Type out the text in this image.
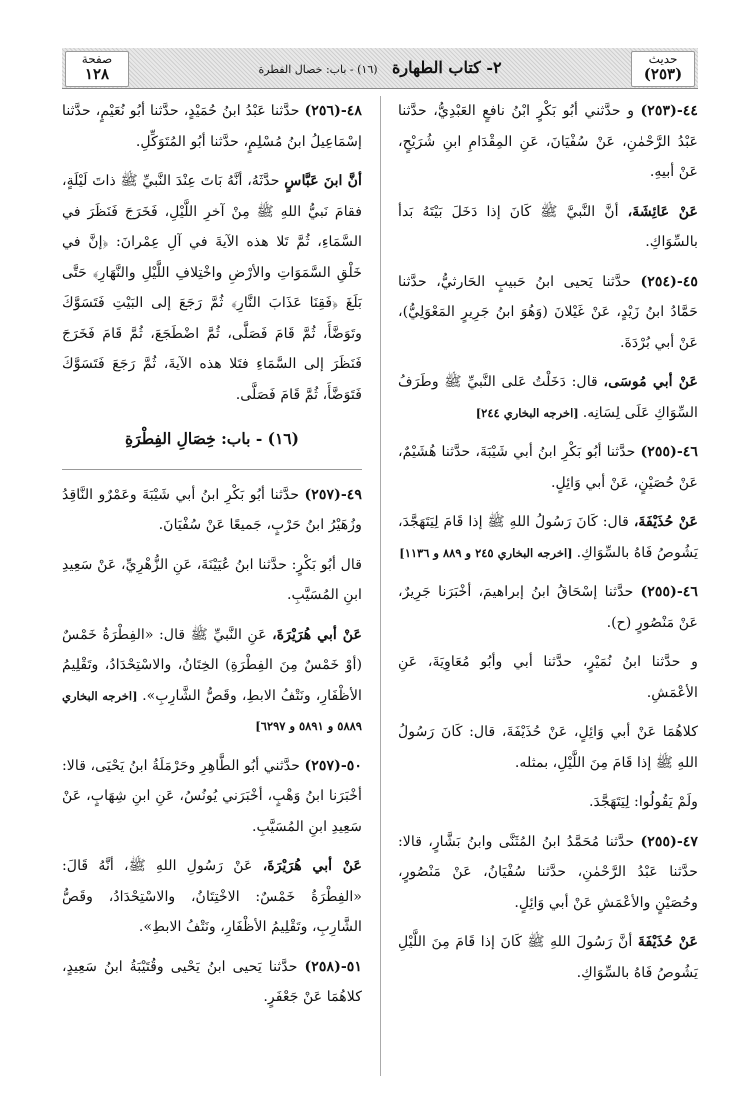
حديث
(٢٥٣)
٢- كتاب الطهارة (١٦) - باب: خصال الفطرة
صفحة
١٢٨

٤٤-(٢٥٣) و حدَّثني أبُو بَكْرٍ ابْنُ نافعٍ العَبْدِيُّ، حدَّثنا عَبْدُ الرَّحْمٰنِ، عَنْ سُفْيَانَ، عَنِ المِقْدَامِ ابنِ شُرَيْحٍ، عَنْ أبيهِ.

عَنْ عَائِشَةَ، أنَّ النَّبيَّ ﷺ كَانَ إذا دَخَلَ بَيْتَهُ بَدأ بالسِّوَاكِ.

٤٥-(٢٥٤) حدَّثنا يَحيى ابنُ حَبيبٍ الحَارثيُّ، حدَّثنا حَمَّادُ ابنُ زَيْدٍ، عَنْ غَيْلانَ (وَهُوَ ابنُ جَرِيرٍ المَعْوَلِيُّ)، عَنْ أبي بُرْدَةَ.

عَنْ أبي مُوسَى، قال: دَخَلْتُ عَلى النَّبيِّ ﷺ وطَرَفُ السِّوَاكِ عَلَى لِسَانِه. [اخرجه البخاري ٢٤٤]

٤٦-(٢٥٥) حدَّثنا أبُو بَكْرِ ابنُ أبي شَيْبَةَ، حدَّثنا هُشَيْمٌ، عَنْ حُصَيْنٍ، عَنْ أبي وَائِلٍ.

عَنْ حُذَيْفَةَ، قال: كَانَ رَسُولُ اللهِ ﷺ إذا قَامَ لِيَتَهَجَّدَ، يَشُوصُ فَاهُ بالسِّوَاكِ. [اخرجه البخاري ٢٤٥ و ٨٨٩ و ١١٣٦]

٤٦-(٢٥٥) حدَّثنا إسْحَاقُ ابنُ إبراهيمَ، أخْبَرَنا جَرِيرٌ، عَنْ مَنْصُورٍ (ح).

و حدَّثنا ابنُ نُمَيْرٍ، حدَّثنا أبي وأبُو مُعَاوِيَةَ، عَنِ الأعْمَشِ.

كلاهُمَا عَنْ أبي وَائِلٍ، عَنْ حُذَيْفَةَ، قال: كَانَ رَسُولُ اللهِ ﷺ إذا قَامَ مِنَ اللَّيْلِ، بمثله.

ولَمْ يَقُولُوا: لِيَتَهَجَّدَ.

٤٧-(٢٥٥) حدَّثنا مُحَمَّدُ ابنُ المُثَنَّى وابنُ بَشَّارٍ، قالا: حدَّثنا عَبْدُ الرَّحْمٰنِ، حدَّثنا سُفْيَانُ، عَنْ مَنْصُورٍ، وحُصَيْنٍ والأعْمَشِ عَنْ أبي وَائِلٍ.

عَنْ حُذَيْفَةَ أنَّ رَسُولَ اللهِ ﷺ كَانَ إذا قَامَ مِنَ اللَّيْلِ يَشُوصُ فَاهُ بالسِّوَاكِ.

٤٨-(٢٥٦) حدَّثنا عَبْدُ ابنُ حُمَيْدٍ، حدَّثنا أبُو نُعَيْمٍ، حدَّثنا إسْمَاعِيلُ ابنُ مُسْلِمٍ، حدَّثنا أبُو المُتَوَكِّلِ.

أنَّ ابنَ عَبَّاسٍ حدَّثَهُ، أنَّهُ بَاتَ عِنْدَ النَّبيِّ ﷺ ذاتَ لَيْلَةٍ، فقامَ نَبيُّ اللهِ ﷺ مِنْ آخرِ اللَّيْلِ، فَخَرَجَ فَنَظَرَ في السَّمَاءِ، ثُمَّ تَلا هذه الآيةَ في آلِ عِمْرانَ: ﴿إنَّ في خَلْقِ السَّمَوَاتِ والأرْضِ واخْتِلافِ اللَّيْلِ والنَّهَارِ﴾ حَتَّى بَلَغَ ﴿فَقِنَا عَذَابَ النَّارِ﴾ ثُمَّ رَجَعَ إلى البَيْتِ فَتَسَوَّكَ وتَوَضَّأَ، ثُمَّ قَامَ فَصَلَّى، ثُمَّ اضْطَجَعَ، ثُمَّ قَامَ فَخَرَجَ فَنَظَرَ إلى السَّمَاءِ فتَلا هذه الآيةَ، ثُمَّ رَجَعَ فَتَسَوَّكَ فَتَوَضَّأَ، ثُمَّ قَامَ فَصَلَّى.

(١٦) - باب: خِصَالِ الفِطْرَةِ

٤٩-(٢٥٧) حدَّثنا أبُو بَكْرِ ابنُ أبي شَيْبَةَ وعَمْرٌو النَّاقِدُ وزُهَيْرُ ابنُ حَرْبٍ، جَميعًا عَنْ سُفْيَانَ.

قال أبُو بَكْرٍ: حدَّثنا ابنُ عُيَيْنَةَ، عَنِ الزُّهْرِيِّ، عَنْ سَعِيدِ ابنِ المُسَيَّبِ.

عَنْ أبي هُرَيْرَةَ، عَنِ النَّبيِّ ﷺ قال: «الفِطْرَةُ خَمْسٌ (أوْ خَمْسٌ مِنَ الفِطْرَةِ) الخِتَانُ، والاسْتِحْدَادُ، وتَقْلِيمُ الأظْفَارِ، ونَتْفُ الابطِ، وقَصُّ الشَّارِبِ». [اخرجه البخاري ٥٨٨٩ و ٥٨٩١ و ٦٢٩٧]

٥٠-(٢٥٧) حدَّثني أبُو الطَّاهِرِ وحَرْمَلَةُ ابنُ يَحْيَى، قالا: أخْبَرَنا ابنُ وَهْبٍ، أخْبَرَني يُونُسُ، عَنِ ابنِ شِهَابٍ، عَنْ سَعِيدِ ابنِ المُسَيَّبِ.

عَنْ أبي هُرَيْرَةَ، عَنْ رَسُولِ اللهِ ﷺ، أنَّهُ قَالَ: «الفِطْرَةُ خَمْسٌ: الاخْتِتَانُ، والاسْتِحْدَادُ، وقَصُّ الشَّارِبِ، وتَقْلِيمُ الأظْفَارِ، ونَتْفُ الابطِ».

٥١-(٢٥٨) حدَّثنا يَحيى ابنُ يَحْيى وقُتَيْبَةُ ابنُ سَعِيدٍ، كلاهُمَا عَنْ جَعْفَرٍ.
